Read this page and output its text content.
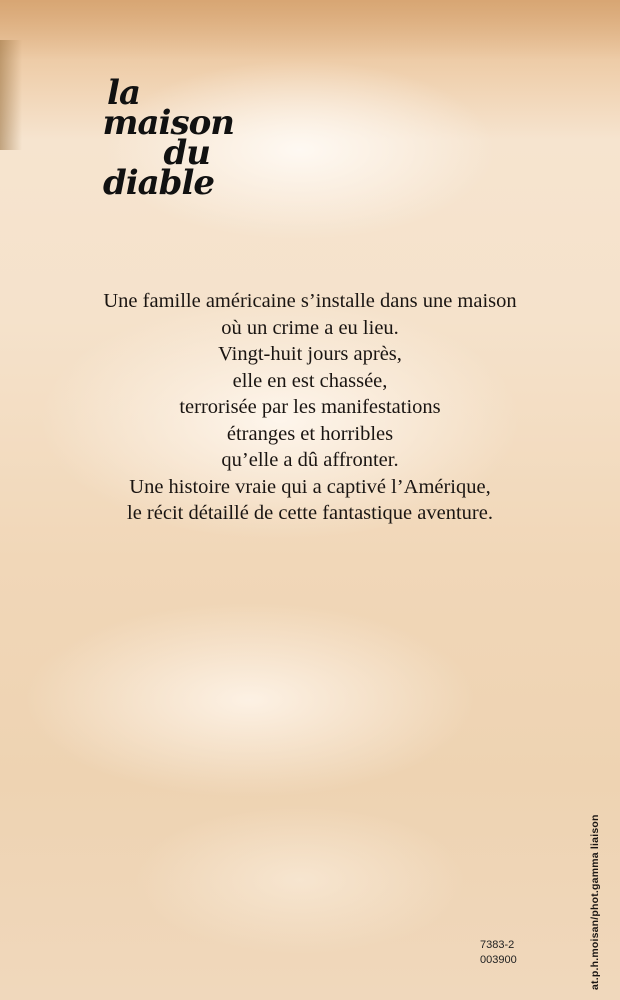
la
maison
du
diable

Une famille américaine s’installe dans une maison

où un crime a eu lieu.

Vingt-huit jours après,

elle en est chassée,

terrorisée par les manifestations

étranges et horribles

qu’elle a dû affronter.

Une histoire vraie qui a captivé l’Amérique,

le récit détaillé de cette fantastique aventure.

7383-2
003900	at.p.h.moisan/phot.gamma liaison
